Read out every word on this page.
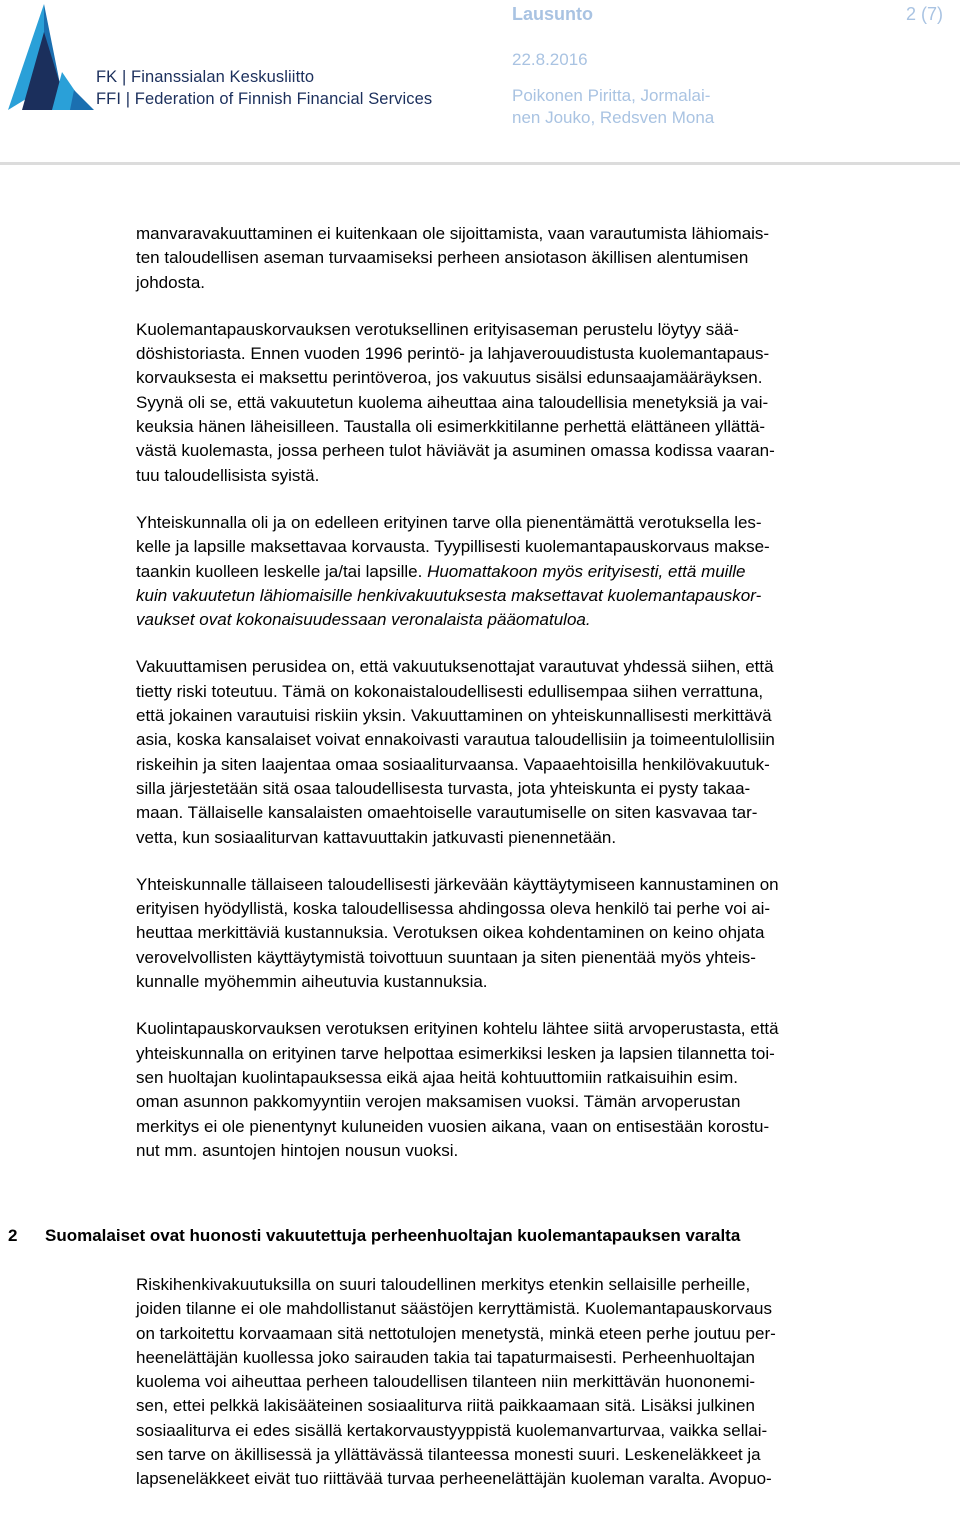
FK | Finanssialan Keskusliitto
FFI | Federation of Finnish Financial Services
Lausunto	2 (7)
22.8.2016
Poikonen Piritta, Jormalai-
nen Jouko, Redsven Mona

manvaravakuuttaminen ei kuitenkaan ole sijoittamista, vaan varautumista lähiomais-
ten taloudellisen aseman turvaamiseksi perheen ansiotason äkillisen alentumisen
johdosta.

Kuolemantapauskorvauksen verotuksellinen erityisaseman perustelu löytyy sää-
döshistoriasta. Ennen vuoden 1996 perintö- ja lahjaverouudistusta kuolemantapaus-
korvauksesta ei maksettu perintöveroa, jos vakuutus sisälsi edunsaajamääräyksen.
Syynä oli se, että vakuutetun kuolema aiheuttaa aina taloudellisia menetyksiä ja vai-
keuksia hänen läheisilleen. Taustalla oli esimerkkitilanne perhettä elättäneen yllättä-
västä kuolemasta, jossa perheen tulot häviävät ja asuminen omassa kodissa vaaran-
tuu taloudellisista syistä.

Yhteiskunnalla oli ja on edelleen erityinen tarve olla pienentämättä verotuksella les-
kelle ja lapsille maksettavaa korvausta. Tyypillisesti kuolemantapauskorvaus makse-
taankin kuolleen leskelle ja/tai lapsille. Huomattakoon myös erityisesti, että muille
kuin vakuutetun lähiomaisille henkivakuutuksesta maksettavat kuolemantapauskor-
vaukset ovat kokonaisuudessaan veronalaista pääomatuloa.

Vakuuttamisen perusidea on, että vakuutuksenottajat varautuvat yhdessä siihen, että
tietty riski toteutuu. Tämä on kokonaistaloudellisesti edullisempaa siihen verrattuna,
että jokainen varautuisi riskiin yksin. Vakuuttaminen on yhteiskunnallisesti merkittävä
asia, koska kansalaiset voivat ennakoivasti varautua taloudellisiin ja toimeentulollisiin
riskeihin ja siten laajentaa omaa sosiaaliturvaansa. Vapaaehtoisilla henkilövakuutuk-
silla järjestetään sitä osaa taloudellisesta turvasta, jota yhteiskunta ei pysty takaa-
maan. Tällaiselle kansalaisten omaehtoiselle varautumiselle on siten kasvavaa tar-
vetta, kun sosiaaliturvan kattavuuttakin jatkuvasti pienennetään.

Yhteiskunnalle tällaiseen taloudellisesti järkevään käyttäytymiseen kannustaminen on
erityisen hyödyllistä, koska taloudellisessa ahdingossa oleva henkilö tai perhe voi ai-
heuttaa merkittäviä kustannuksia. Verotuksen oikea kohdentaminen on keino ohjata
verovelvollisten käyttäytymistä toivottuun suuntaan ja siten pienentää myös yhteis-
kunnalle myöhemmin aiheutuvia kustannuksia.

Kuolintapauskorvauksen verotuksen erityinen kohtelu lähtee siitä arvoperustasta, että
yhteiskunnalla on erityinen tarve helpottaa esimerkiksi lesken ja lapsien tilannetta toi-
sen huoltajan kuolintapauksessa eikä ajaa heitä kohtuuttomiin ratkaisuihin esim.
oman asunnon pakkomyyntiin verojen maksamisen vuoksi. Tämän arvoperustan
merkitys ei ole pienentynyt kuluneiden vuosien aikana, vaan on entisestään korostu-
nut mm. asuntojen hintojen nousun vuoksi.

2 Suomalaiset ovat huonosti vakuutettuja perheenhuoltajan kuolemantapauksen varalta

Riskihenkivakuutuksilla on suuri taloudellinen merkitys etenkin sellaisille perheille,
joiden tilanne ei ole mahdollistanut säästöjen kerryttämistä. Kuolemantapauskorvaus
on tarkoitettu korvaamaan sitä nettotulojen menetystä, minkä eteen perhe joutuu per-
heenelättäjän kuollessa joko sairauden takia tai tapaturmaisesti. Perheenhuoltajan
kuolema voi aiheuttaa perheen taloudellisen tilanteen niin merkittävän huononemi-
sen, ettei pelkkä lakisääteinen sosiaaliturva riitä paikkaamaan sitä. Lisäksi julkinen
sosiaaliturva ei edes sisällä kertakorvaustyyppistä kuolemanvarturvaa, vaikka sellai-
sen tarve on äkillisessä ja yllättävässä tilanteessa monesti suuri. Leskeneläkkeet ja
lapseneläkkeet eivät tuo riittävää turvaa perheenelättäjän kuoleman varalta. Avopuo-
